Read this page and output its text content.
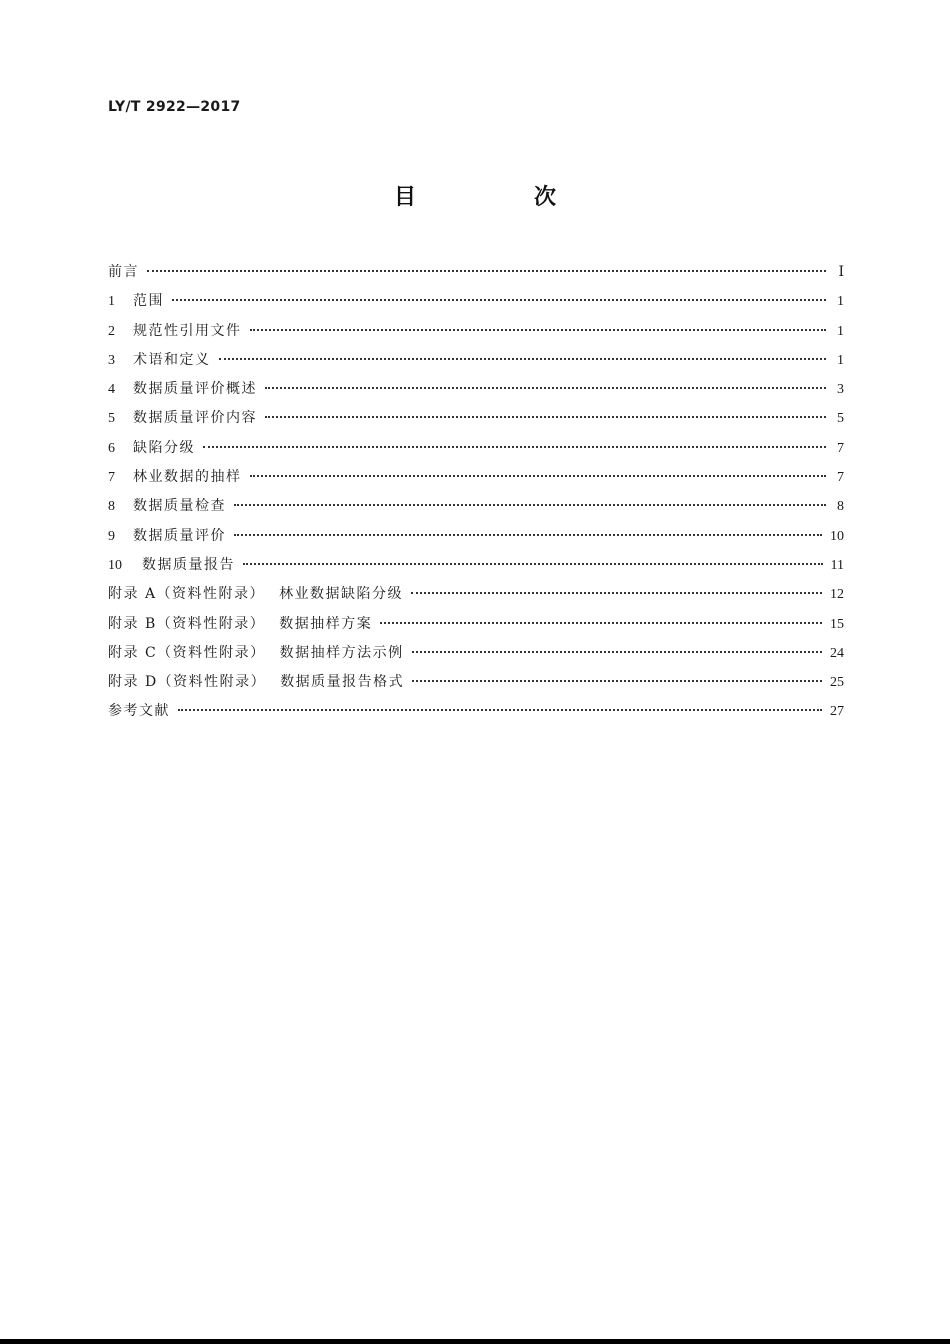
LY/T 2922—2017
目　次
前言	Ⅰ
1	范围	1
2	规范性引用文件	1
3	术语和定义	1
4	数据质量评价概述	3
5	数据质量评价内容	5
6	缺陷分级	7
7	林业数据的抽样	7
8	数据质量检查	8
9	数据质量评价	10
10	数据质量报告	11
附录 A（资料性附录） 林业数据缺陷分级	12
附录 B（资料性附录） 数据抽样方案	15
附录 C（资料性附录） 数据抽样方法示例	24
附录 D（资料性附录） 数据质量报告格式	25
参考文献	27
